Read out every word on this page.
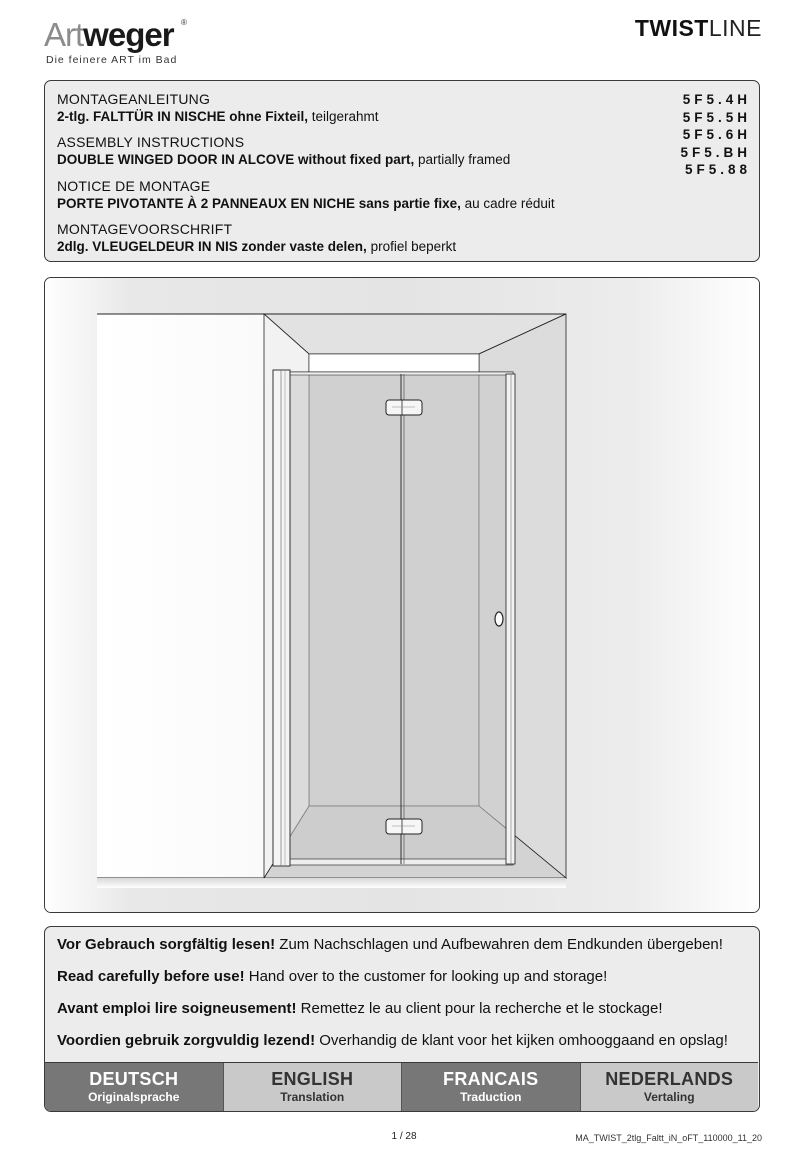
Artweger ®
Die feinere ART im Bad
TWISTLINE
MONTAGEANLEITUNG
2-tlg. FALTTÜR IN NISCHE ohne Fixteil, teilgerahmt
ASSEMBLY INSTRUCTIONS
DOUBLE WINGED DOOR IN ALCOVE without fixed part, partially framed
NOTICE DE MONTAGE
PORTE PIVOTANTE À 2 PANNEAUX EN NICHE sans partie fixe, au cadre réduit
MONTAGEVOORSCHRIFT
2dlg. VLEUGELDEUR IN NIS zonder vaste delen, profiel beperkt
5F5.4H
5F5.5H
5F5.6H
5F5.BH
5F5.88
Vor Gebrauch sorgfältig lesen! Zum Nachschlagen und Aufbewahren dem Endkunden übergeben!
Read carefully before use! Hand over to the customer for looking up and storage!
Avant emploi lire soigneusement! Remettez le au client pour la recherche et le stockage!
Voordien gebruik zorgvuldig lezend! Overhandig de klant voor het kijken omhooggaand en opslag!
DEUTSCH
Originalsprache
ENGLISH
Translation
FRANCAIS
Traduction
NEDERLANDS
Vertaling
1 / 28	MA_TWIST_2tlg_Faltt_iN_oFT_110000_11_20
